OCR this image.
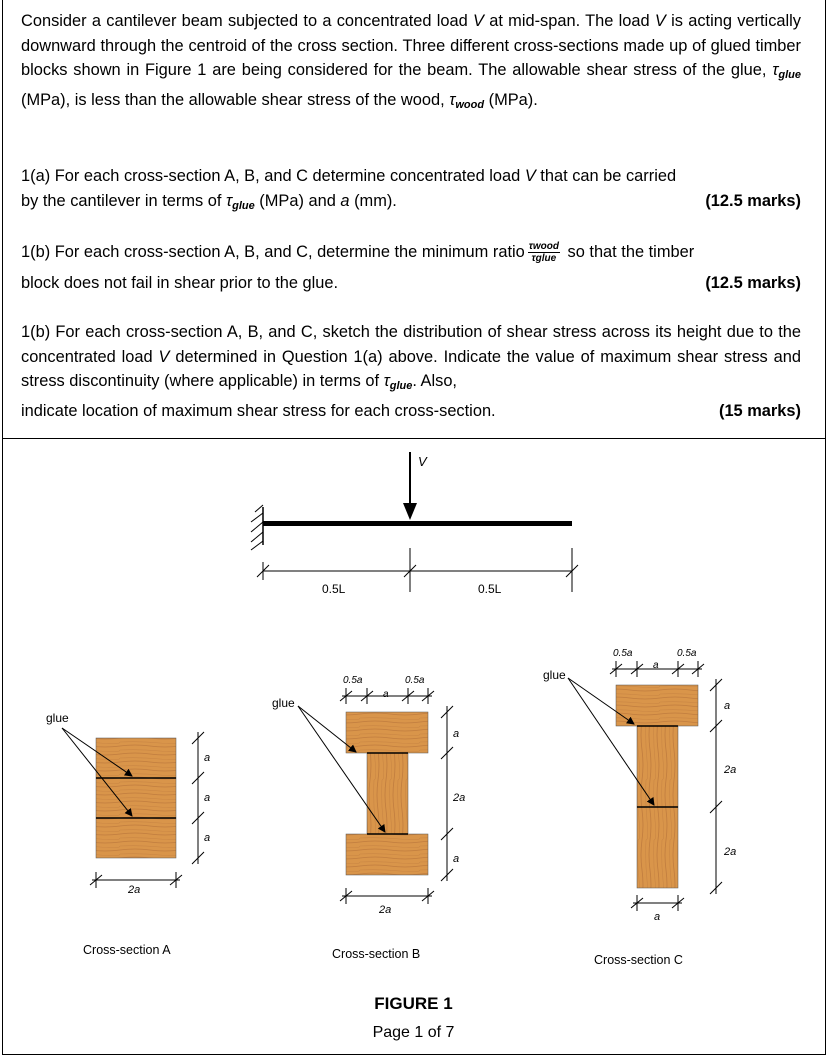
Consider a cantilever beam subjected to a concentrated load V at mid-span. The load V is acting vertically downward through the centroid of the cross section. Three different cross-sections made up of glued timber blocks shown in Figure 1 are being considered for the beam. The allowable shear stress of the glue, $\tau_{glue}$ (MPa), is less than the allowable shear stress of the wood, $\tau_{wood}$ (MPa).
1(a) For each cross-section A, B, and C determine concentrated load V that can be carried
by the cantilever in terms of $\tau_{glue}$ (MPa) and a (mm).	(12.5 marks)
1(b) For each cross-section A, B, and C, determine the minimum ratio $\frac{\text{τwood}}{\text{τglue}}$ so that the timber
block does not fail in shear prior to the glue.	(12.5 marks)
1(b) For each cross-section A, B, and C, sketch the distribution of shear stress across its height due to the concentrated load V determined in Question 1(a) above. Indicate the value of maximum shear stress and stress discontinuity (where applicable) in terms of $\tau_{glue}$. Also,
indicate location of maximum shear stress for each cross-section.	(15 marks)
V
0.5L	0.5L
glue
a
a
a
2a
glue
0.5a
a
0.5a
a
2a
a
2a
glue
0.5a
a
0.5a
a
2a
2a
a
Cross-section A	Cross-section B	Cross-section C
FIGURE 1
Page 1 of 7
